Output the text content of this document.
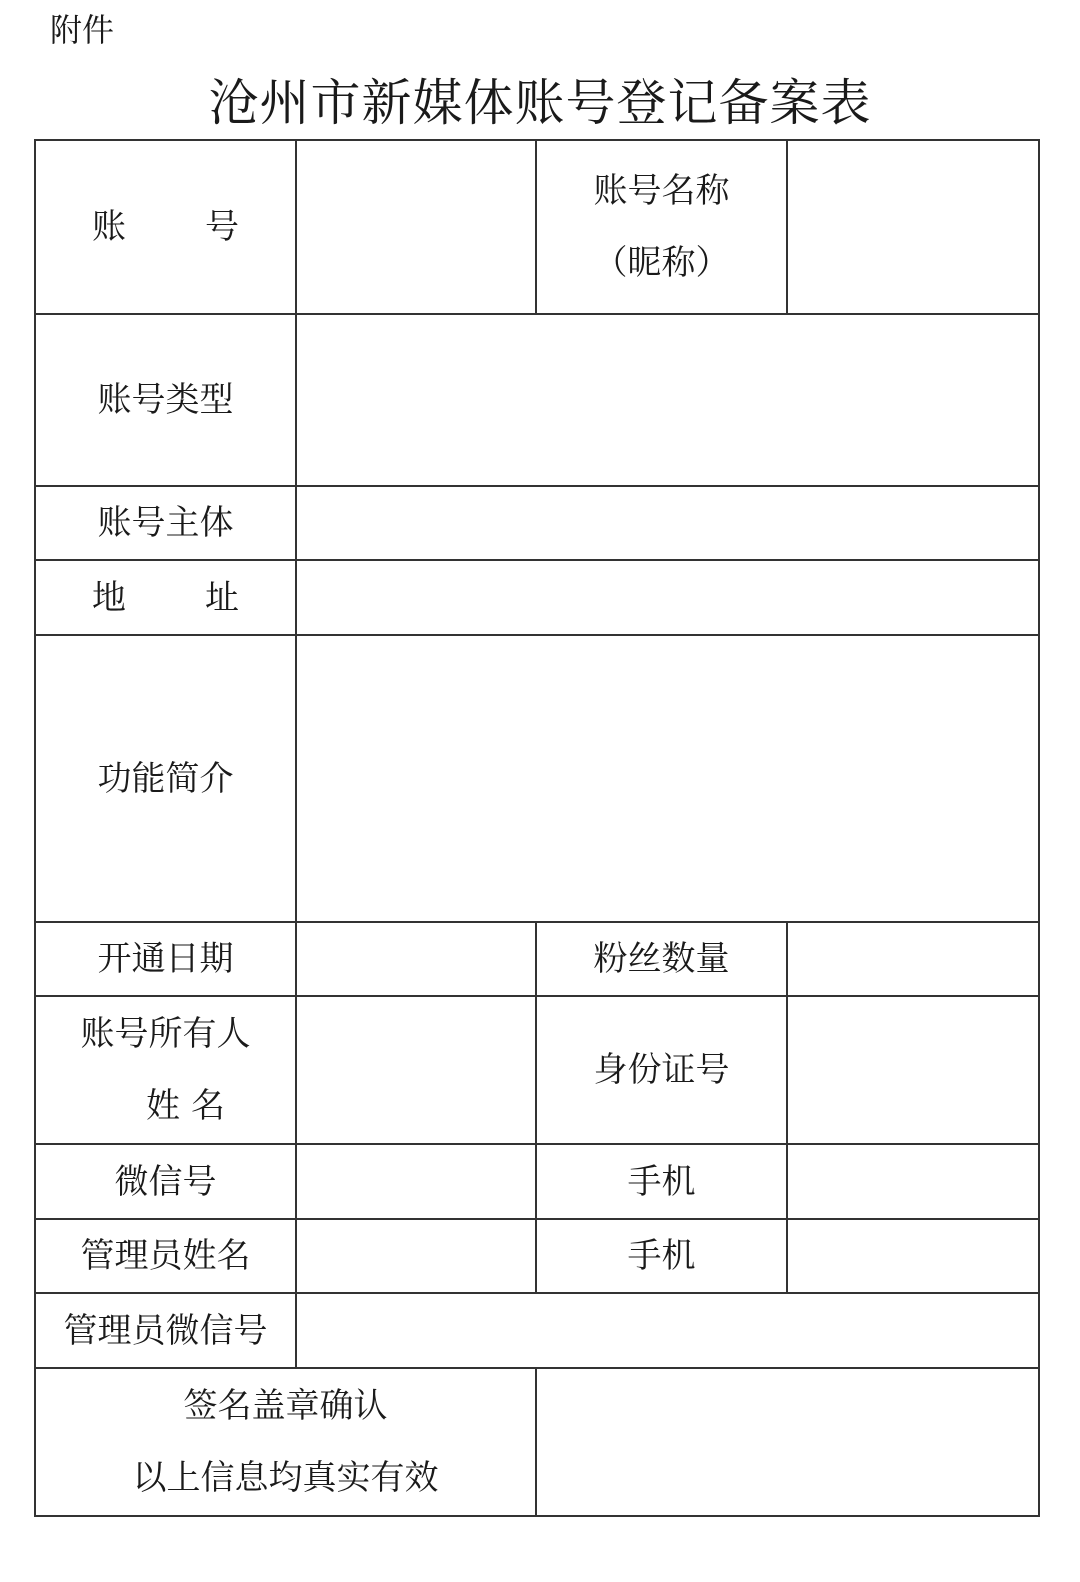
附件
沧州市新媒体账号登记备案表
账 号		账号名称
（昵称）	

账号类型			
账号主体			

地 址			

功能简介			
开通日期		粉丝数量	

账号所有人
姓 名		身份证号	
微信号		手机	
管理员姓名		手机	
管理员微信号			

签名盖章确认
以上信息均真实有效			
